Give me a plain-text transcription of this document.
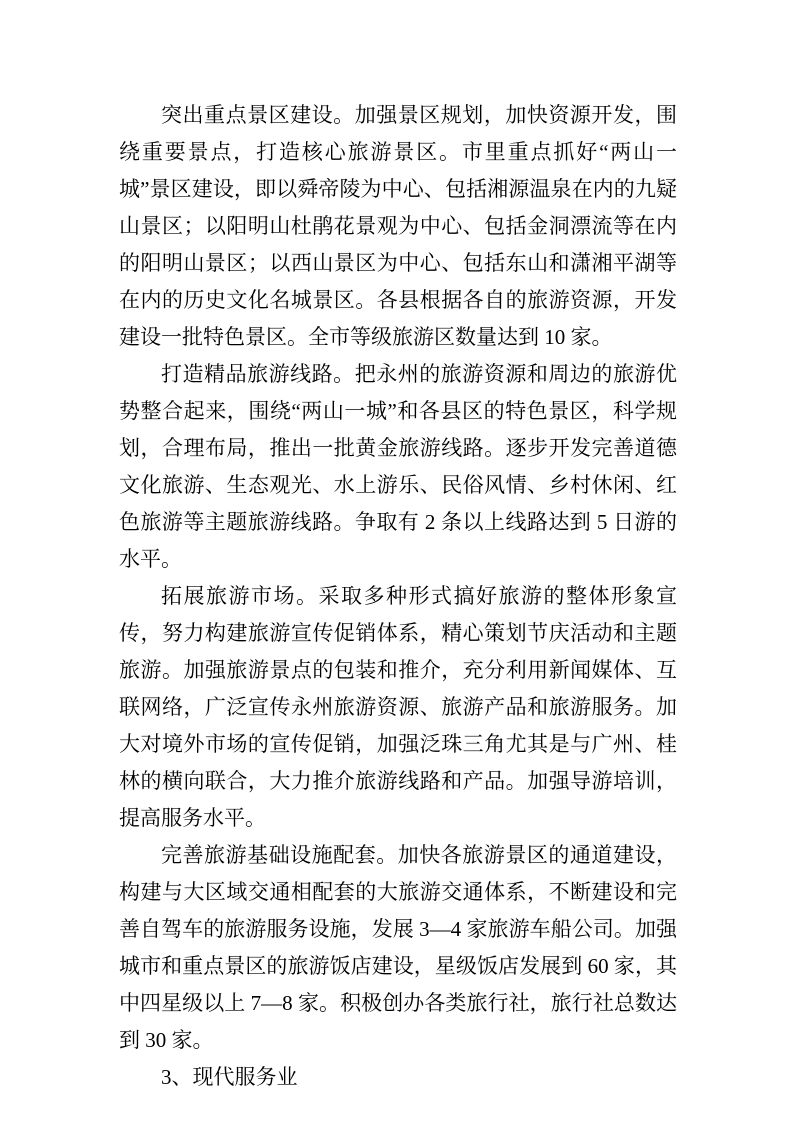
突出重点景区建设。加强景区规划，加快资源开发，围绕重要景点，打造核心旅游景区。市里重点抓好“两山一城”景区建设，即以舜帝陵为中心、包括湘源温泉在内的九疑山景区；以阳明山杜鹃花景观为中心、包括金洞漂流等在内的阳明山景区；以西山景区为中心、包括东山和潇湘平湖等在内的历史文化名城景区。各县根据各自的旅游资源，开发建设一批特色景区。全市等级旅游区数量达到 10 家。

打造精品旅游线路。把永州的旅游资源和周边的旅游优势整合起来，围绕“两山一城”和各县区的特色景区，科学规划，合理布局，推出一批黄金旅游线路。逐步开发完善道德文化旅游、生态观光、水上游乐、民俗风情、乡村休闲、红色旅游等主题旅游线路。争取有 2 条以上线路达到 5 日游的水平。

拓展旅游市场。采取多种形式搞好旅游的整体形象宣传，努力构建旅游宣传促销体系，精心策划节庆活动和主题旅游。加强旅游景点的包装和推介，充分利用新闻媒体、互联网络，广泛宣传永州旅游资源、旅游产品和旅游服务。加大对境外市场的宣传促销，加强泛珠三角尤其是与广州、桂林的横向联合，大力推介旅游线路和产品。加强导游培训，提高服务水平。

完善旅游基础设施配套。加快各旅游景区的通道建设，构建与大区域交通相配套的大旅游交通体系，不断建设和完善自驾车的旅游服务设施，发展 3—4 家旅游车船公司。加强城市和重点景区的旅游饭店建设，星级饭店发展到 60 家，其中四星级以上 7—8 家。积极创办各类旅行社，旅行社总数达到 30 家。

3、现代服务业
